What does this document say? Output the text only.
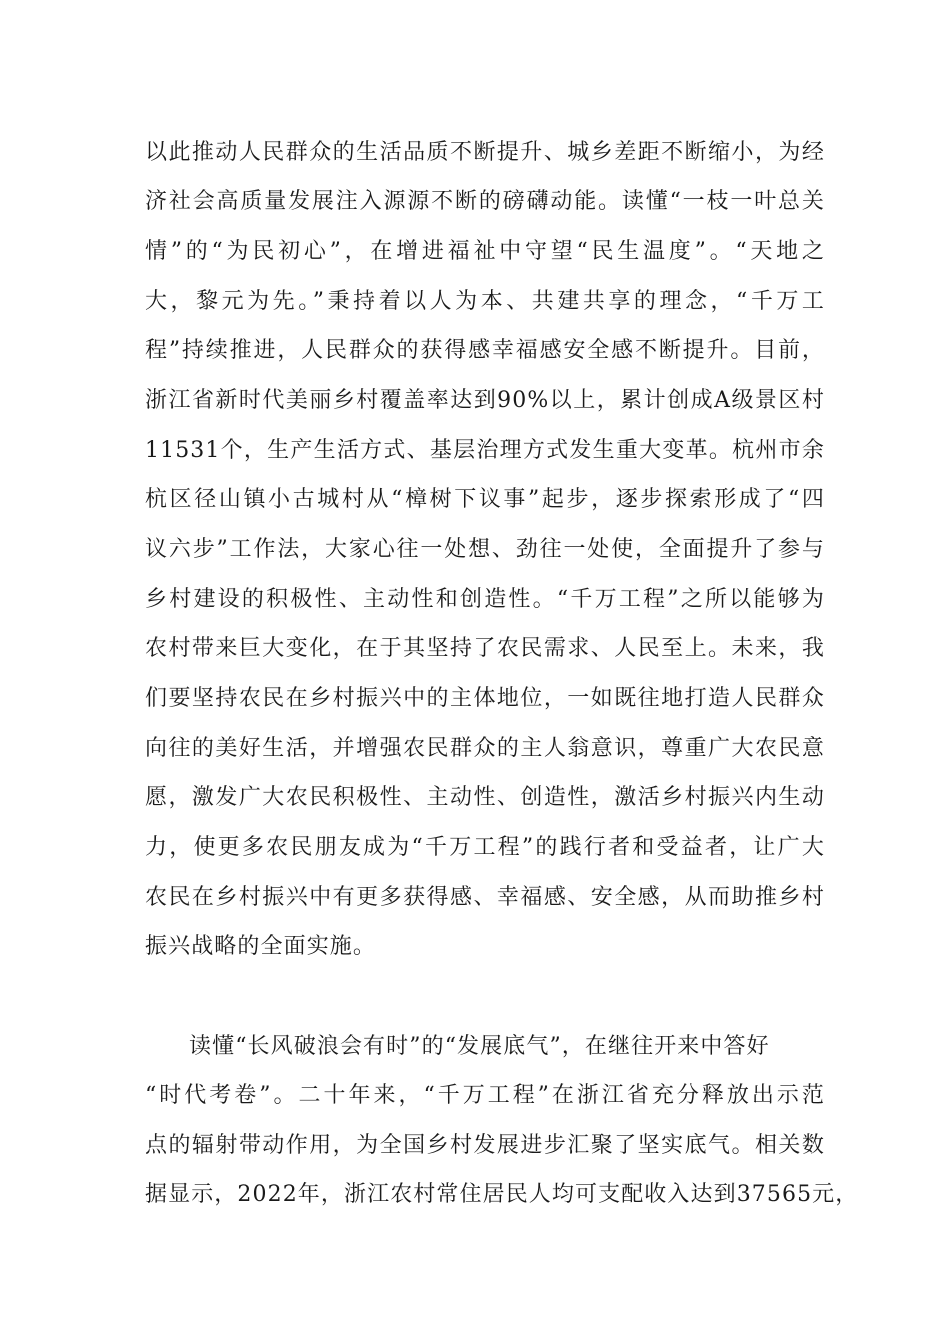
以此推动人民群众的生活品质不断提升、城乡差距不断缩小，为经
济社会高质量发展注入源源不断的磅礴动能。读懂“一枝一叶总关
情”的“为民初心”，在增进福祉中守望“民生温度”。“天地之
大，黎元为先。”秉持着以人为本、共建共享的理念，“千万工
程”持续推进，人民群众的获得感幸福感安全感不断提升。目前，
浙江省新时代美丽乡村覆盖率达到90%以上，累计创成A级景区村
11531个，生产生活方式、基层治理方式发生重大变革。杭州市余
杭区径山镇小古城村从“樟树下议事”起步，逐步探索形成了“四
议六步”工作法，大家心往一处想、劲往一处使，全面提升了参与
乡村建设的积极性、主动性和创造性。“千万工程”之所以能够为
农村带来巨大变化，在于其坚持了农民需求、人民至上。未来，我
们要坚持农民在乡村振兴中的主体地位，一如既往地打造人民群众
向往的美好生活，并增强农民群众的主人翁意识，尊重广大农民意
愿，激发广大农民积极性、主动性、创造性，激活乡村振兴内生动
力，使更多农民朋友成为“千万工程”的践行者和受益者，让广大
农民在乡村振兴中有更多获得感、幸福感、安全感，从而助推乡村
振兴战略的全面实施。
读懂“长风破浪会有时”的“发展底气”，在继往开来中答好
“时代考卷”。二十年来，“千万工程”在浙江省充分释放出示范
点的辐射带动作用，为全国乡村发展进步汇聚了坚实底气。相关数
据显示，2022年，浙江农村常住居民人均可支配收入达到37565元，
